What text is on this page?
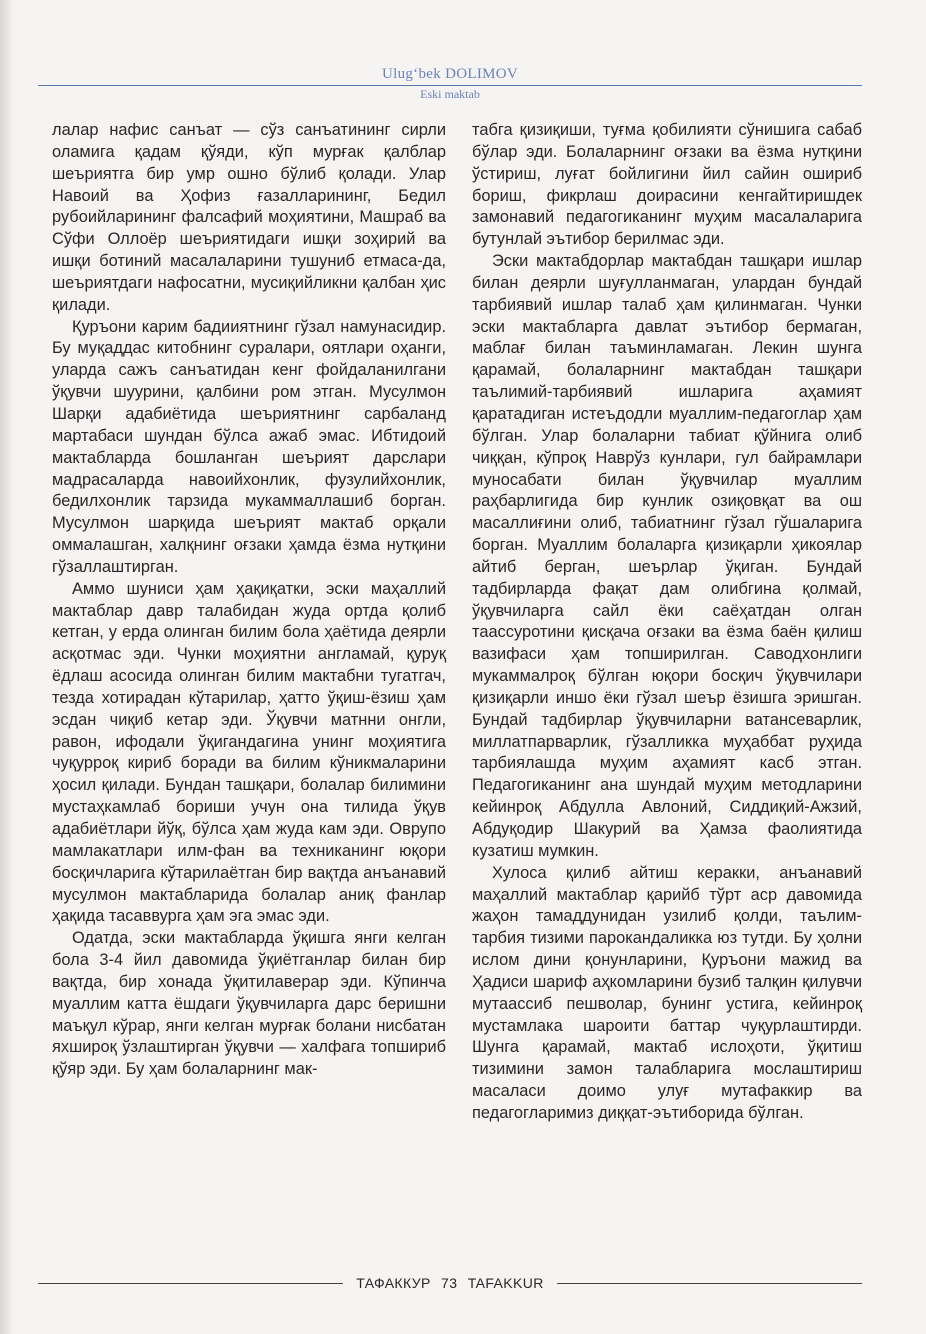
Ulug‘bek DOLIMOV
Eski maktab

лалар нафис санъат — сўз санъатининг сирли оламига қадам қўяди, кўп мурғак қалблар шеъриятга бир умр ошно бўлиб қолади. Улар Навоий ва Ҳофиз ғазалларининг, Бедил рубоийларининг фалсафий моҳиятини, Машраб ва Сўфи Оллоёр шеъриятидаги ишқи зоҳирий ва ишқи ботиний масалаларини тушуниб етмаса-да, шеъриятдаги нафосатни, мусиқийликни қалбан ҳис қилади.

Қуръони карим бадииятнинг гўзал намунасидир. Бу муқаддас китобнинг суралари, оятлари оҳанги, уларда сажъ санъатидан кенг фойдаланилгани ўқувчи шуурини, қалбини ром этган. Мусулмон Шарқи адабиётида шеъриятнинг сарбаланд мартабаси шундан бўлса ажаб эмас. Ибтидоий мактабларда бошланган шеърият дарслари мадрасаларда навоийхонлик, фузулийхонлик, бедилхонлик тарзида мукаммаллашиб борган. Мусулмон шарқида шеърият мактаб орқали оммалашган, халқнинг оғзаки ҳамда ёзма нутқини гўзаллаштирган.

Аммо шуниси ҳам ҳақиқатки, эски маҳаллий мактаблар давр талабидан жуда ортда қолиб кетган, у ерда олинган билим бола ҳаётида деярли асқотмас эди. Чунки моҳиятни англамай, қуруқ ёдлаш асосида олинган билим мактабни тугатгач, тезда хотирадан кўтарилар, ҳатто ўқиш-ёзиш ҳам эсдан чиқиб кетар эди. Ўқувчи матнни онгли, равон, ифодали ўқигандагина унинг моҳиятига чуқурроқ кириб боради ва билим кўникмаларини ҳосил қилади. Бундан ташқари, болалар билимини мустаҳкамлаб бориши учун она тилида ўқув адабиётлари йўқ, бўлса ҳам жуда кам эди. Оврупо мамлакатлари илм-фан ва техниканинг юқори босқичларига кўтарилаётган бир вақтда анъанавий мусулмон мактабларида болалар аниқ фанлар ҳақида тасаввурга ҳам эга эмас эди.

Одатда, эски мактабларда ўқишга янги келган бола 3-4 йил давомида ўқиётганлар билан бир вақтда, бир хонада ўқитилаверар эди. Кўпинча муаллим катта ёшдаги ўқувчиларга дарс беришни маъқул кўрар, янги келган мурғак болани нисбатан яхшироқ ўзлаштирган ўқувчи — халфага топшириб қўяр эди. Бу ҳам болаларнинг мак-

табга қизиқиши, туғма қобилияти сўнишига сабаб бўлар эди. Болаларнинг оғзаки ва ёзма нутқини ўстириш, луғат бойлигини йил сайин ошириб бориш, фикрлаш доирасини кенгайтиришдек замонавий педагогиканинг муҳим масалаларига бутунлай эътибор берилмас эди.

Эски мактабдорлар мактабдан ташқари ишлар билан деярли шуғулланмаган, улардан бундай тарбиявий ишлар талаб ҳам қилинмаган. Чунки эски мактабларга давлат эътибор бермаган, маблағ билан таъминламаган. Лекин шунга қарамай, болаларнинг мактабдан ташқари таълимий-тарбиявий ишларига аҳамият қаратадиган истеъдодли муаллим-педагоглар ҳам бўлган. Улар болаларни табиат қўйнига олиб чиққан, кўпроқ Наврўз кунлари, гул байрамлари муносабати билан ўқувчилар муаллим раҳбарлигида бир кунлик озиқовқат ва ош масаллиғини олиб, табиатнинг гўзал гўшаларига борган. Муаллим болаларга қизиқарли ҳикоялар айтиб берган, шеърлар ўқиган. Бундай тадбирларда фақат дам олибгина қолмай, ўқувчиларга сайл ёки саёҳатдан олган таассуротини қисқача оғзаки ва ёзма баён қилиш вазифаси ҳам топширилган. Саводхонлиги мукаммалроқ бўлган юқори босқич ўқувчилари қизиқарли иншо ёки гўзал шеър ёзишга эришган. Бундай тадбирлар ўқувчиларни ватансеварлик, миллатпарварлик, гўзалликка муҳаббат руҳида тарбиялашда муҳим аҳамият касб этган. Педагогиканинг ана шундай муҳим методларини кейинроқ Абдулла Авлоний, Сиддиқий-Ажзий, Абдуқодир Шакурий ва Ҳамза фаолиятида кузатиш мумкин.

Хулоса қилиб айтиш керакки, анъанавий маҳаллий мактаблар қарийб тўрт аср давомида жаҳон тамаддунидан узилиб қолди, таълим-тарбия тизими парокандаликка юз тутди. Бу ҳолни ислом дини қонунларини, Қуръони мажид ва Ҳадиси шариф аҳкомларини бузиб талқин қилувчи мутаассиб пешволар, бунинг устига, кейинроқ мустамлака шароити баттар чуқурлаштирди. Шунга қарамай, мактаб ислоҳоти, ўқитиш тизимини замон талабларига мослаштириш масаласи доимо улуғ мутафаккир ва педагогларимиз диққат-эътиборида бўлган.

ТАФАККУР 73 TAFAKKUR
